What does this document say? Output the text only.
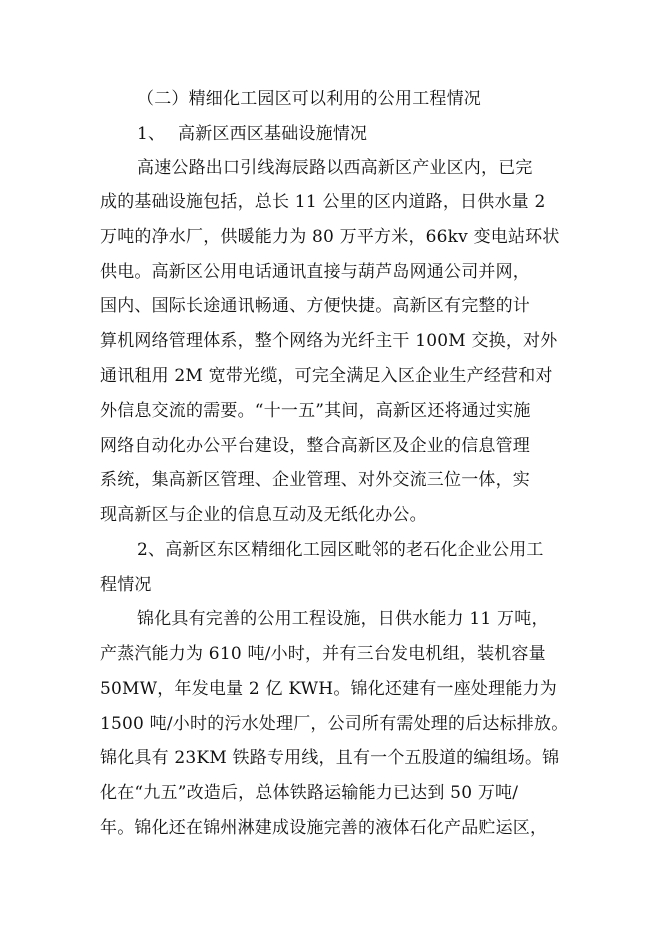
（二）精细化工园区可以利用的公用工程情况
1、 高新区西区基础设施情况
高速公路出口引线海辰路以西高新区产业区内，已完
成的基础设施包括，总长 11 公里的区内道路，日供水量 2
万吨的净水厂，供暖能力为 80 万平方米，66kv 变电站环状
供电。高新区公用电话通讯直接与葫芦岛网通公司并网，
国内、国际长途通讯畅通、方便快捷。高新区有完整的计
算机网络管理体系，整个网络为光纤主干 100M 交换，对外
通讯租用 2M 宽带光缆，可完全满足入区企业生产经营和对
外信息交流的需要。“十一五”其间，高新区还将通过实施
网络自动化办公平台建设，整合高新区及企业的信息管理
系统，集高新区管理、企业管理、对外交流三位一体，实
现高新区与企业的信息互动及无纸化办公。
2、高新区东区精细化工园区毗邻的老石化企业公用工
程情况
锦化具有完善的公用工程设施，日供水能力 11 万吨，
产蒸汽能力为 610 吨/小时，并有三台发电机组，装机容量
50MW，年发电量 2 亿 KWH。锦化还建有一座处理能力为
1500 吨/小时的污水处理厂，公司所有需处理的后达标排放。
锦化具有 23KM 铁路专用线，且有一个五股道的编组场。锦
化在“九五”改造后，总体铁路运输能力已达到 50 万吨/
年。锦化还在锦州淋建成设施完善的液体石化产品贮运区，
